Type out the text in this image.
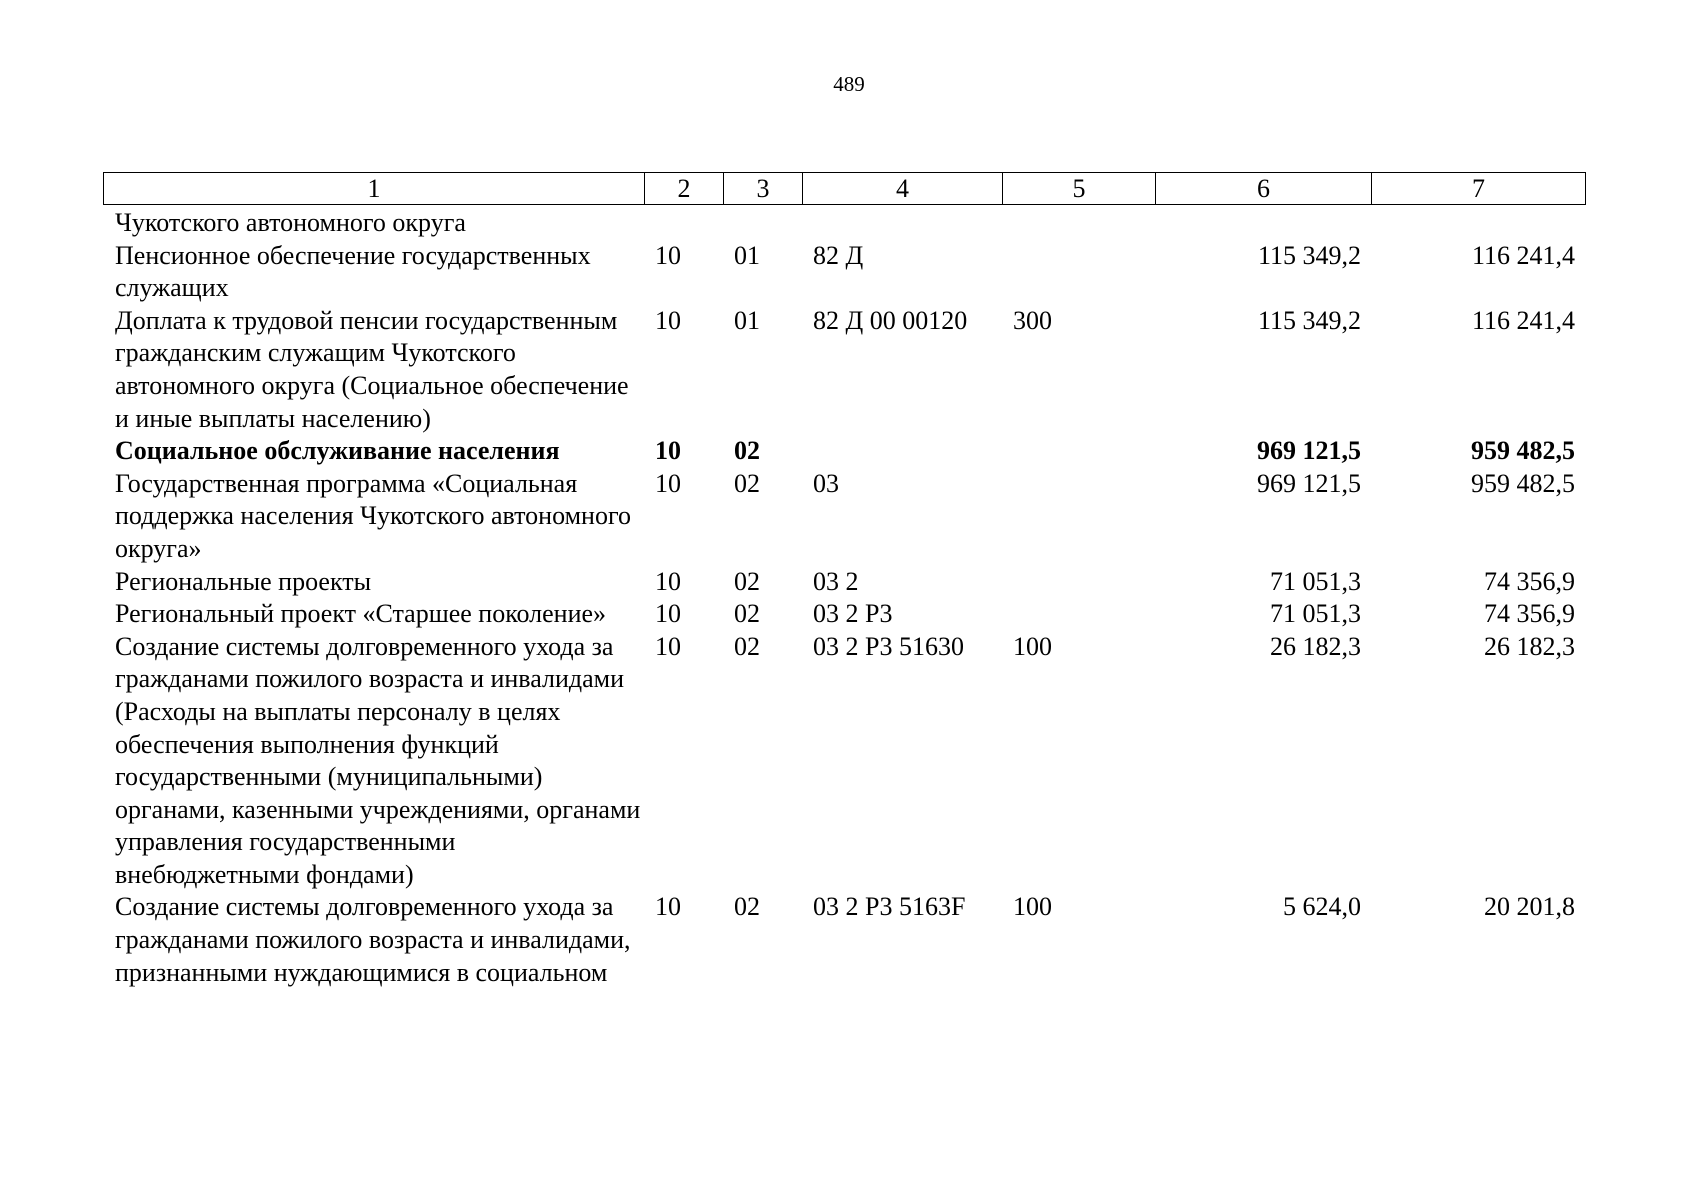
489
1	2	3	4	5	6	7
Чукотского автономного округа						
Пенсионное обеспечение государственных служащих	10	01	82 Д		115 349,2	116 241,4
Доплата к трудовой пенсии государственным гражданским служащим Чукотского автономного округа (Социальное обеспечение и иные выплаты населению)	10	01	82 Д 00 00120	300	115 349,2	116 241,4
Социальное обслуживание населения	10	02			969 121,5	959 482,5
Государственная программа «Социальная поддержка населения Чукотского автономного округа»	10	02	03		969 121,5	959 482,5
Региональные проекты	10	02	03 2		71 051,3	74 356,9
Региональный проект «Старшее поколение»	10	02	03 2 P3		71 051,3	74 356,9
Создание системы долговременного ухода за гражданами пожилого возраста и инвалидами (Расходы на выплаты персоналу в целях обеспечения выполнения функций государственными (муниципальными) органами, казенными учреждениями, органами управления государственными внебюджетными фондами)	10	02	03 2 P3 51630	100	26 182,3	26 182,3
Создание системы долговременного ухода за гражданами пожилого возраста и инвалидами, признанными нуждающимися в социальном	10	02	03 2 P3 5163F	100	5 624,0	20 201,8
